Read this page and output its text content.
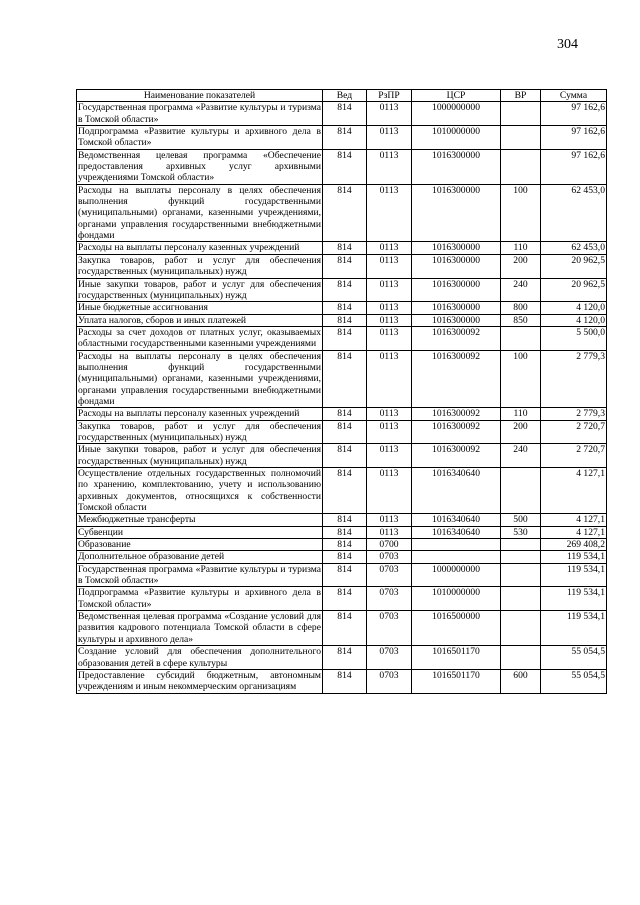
304
Наименование показателей	Вед	РзПР	ЦСР	ВР	Сумма
Государственная программа «Развитие культуры и туризма в Томской области»	814	0113	1000000000		97 162,6
Подпрограмма «Развитие культуры и архивного дела в Томской области»	814	0113	1010000000		97 162,6
Ведомственная целевая программа «Обеспечение предоставления архивных услуг архивными учреждениями Томской области»	814	0113	1016300000		97 162,6
Расходы на выплаты персоналу в целях обеспечения выполнения функций государственными (муниципальными) органами, казенными учреждениями, органами управления государственными внебюджетными фондами	814	0113	1016300000	100	62 453,0
Расходы на выплаты персоналу казенных учреждений	814	0113	1016300000	110	62 453,0
Закупка товаров, работ и услуг для обеспечения государственных (муниципальных) нужд	814	0113	1016300000	200	20 962,5
Иные закупки товаров, работ и услуг для обеспечения государственных (муниципальных) нужд	814	0113	1016300000	240	20 962,5
Иные бюджетные ассигнования	814	0113	1016300000	800	4 120,0
Уплата налогов, сборов и иных платежей	814	0113	1016300000	850	4 120,0
Расходы за счет доходов от платных услуг, оказываемых областными государственными казенными учреждениями	814	0113	1016300092		5 500,0
Расходы на выплаты персоналу в целях обеспечения выполнения функций государственными (муниципальными) органами, казенными учреждениями, органами управления государственными внебюджетными фондами	814	0113	1016300092	100	2 779,3
Расходы на выплаты персоналу казенных учреждений	814	0113	1016300092	110	2 779,3
Закупка товаров, работ и услуг для обеспечения государственных (муниципальных) нужд	814	0113	1016300092	200	2 720,7
Иные закупки товаров, работ и услуг для обеспечения государственных (муниципальных) нужд	814	0113	1016300092	240	2 720,7
Осуществление отдельных государственных полномочий по хранению, комплектованию, учету и использованию архивных документов, относящихся к собственности Томской области	814	0113	1016340640		4 127,1
Межбюджетные трансферты	814	0113	1016340640	500	4 127,1
Субвенции	814	0113	1016340640	530	4 127,1
Образование	814	0700			269 408,2
Дополнительное образование детей	814	0703			119 534,1
Государственная программа «Развитие культуры и туризма в Томской области»	814	0703	1000000000		119 534,1
Подпрограмма «Развитие культуры и архивного дела в Томской области»	814	0703	1010000000		119 534,1
Ведомственная целевая программа «Создание условий для развития кадрового потенциала Томской области в сфере культуры и архивного дела»	814	0703	1016500000		119 534,1
Создание условий для обеспечения дополнительного образования детей в сфере культуры	814	0703	1016501170		55 054,5
Предоставление субсидий бюджетным, автономным учреждениям и иным некоммерческим организациям	814	0703	1016501170	600	55 054,5
